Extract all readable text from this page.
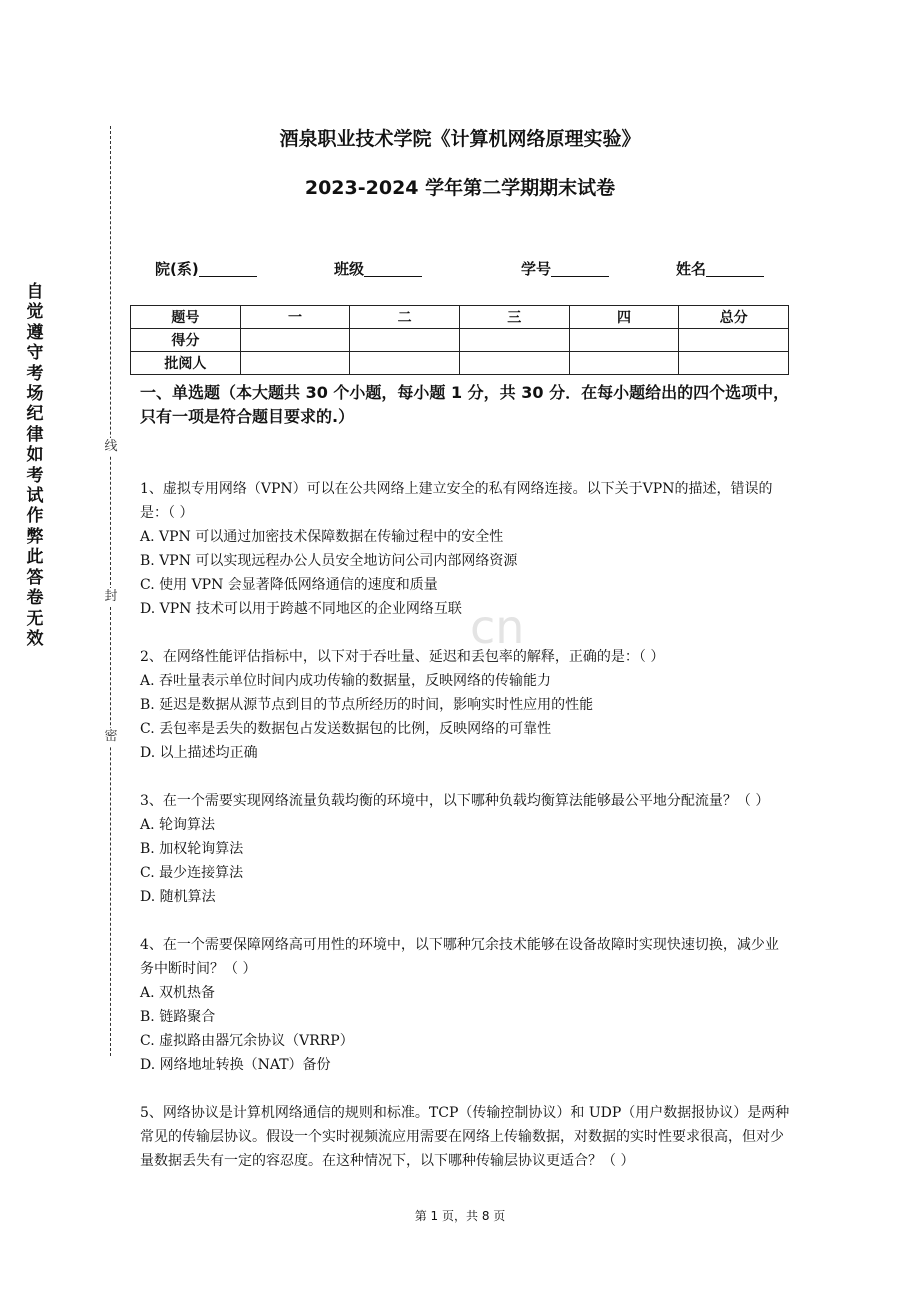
自觉遵守考场纪律如考试作弊此答卷无效
线
封
密
cn
酒泉职业技术学院《计算机网络原理实验》
2023-2024 学年第二学期期末试卷
院(系)	班级	学号	姓名
题号	一	二	三	四	总分
得分					
批阅人					
一、单选题（本大题共 30 个小题，每小题 1 分，共 30 分．在每小题给出的四个选项中，只有一项是符合题目要求的.）
1、虚拟专用网络（VPN）可以在公共网络上建立安全的私有网络连接。以下关于VPN的描述，错误的是：（ ）
A. VPN 可以通过加密技术保障数据在传输过程中的安全性
B. VPN 可以实现远程办公人员安全地访问公司内部网络资源
C. 使用 VPN 会显著降低网络通信的速度和质量
D. VPN 技术可以用于跨越不同地区的企业网络互联
2、在网络性能评估指标中，以下对于吞吐量、延迟和丢包率的解释，正确的是：（ ）
A. 吞吐量表示单位时间内成功传输的数据量，反映网络的传输能力
B. 延迟是数据从源节点到目的节点所经历的时间，影响实时性应用的性能
C. 丢包率是丢失的数据包占发送数据包的比例，反映网络的可靠性
D. 以上描述均正确
3、在一个需要实现网络流量负载均衡的环境中，以下哪种负载均衡算法能够最公平地分配流量？（ ）
A. 轮询算法
B. 加权轮询算法
C. 最少连接算法
D. 随机算法
4、在一个需要保障网络高可用性的环境中，以下哪种冗余技术能够在设备故障时实现快速切换，减少业务中断时间？（ ）
A. 双机热备
B. 链路聚合
C. 虚拟路由器冗余协议（VRRP）
D. 网络地址转换（NAT）备份
5、网络协议是计算机网络通信的规则和标准。TCP（传输控制协议）和 UDP（用户数据报协议）是两种常见的传输层协议。假设一个实时视频流应用需要在网络上传输数据，对数据的实时性要求很高，但对少量数据丢失有一定的容忍度。在这种情况下，以下哪种传输层协议更适合？（ ）
第 1 页，共 8 页
